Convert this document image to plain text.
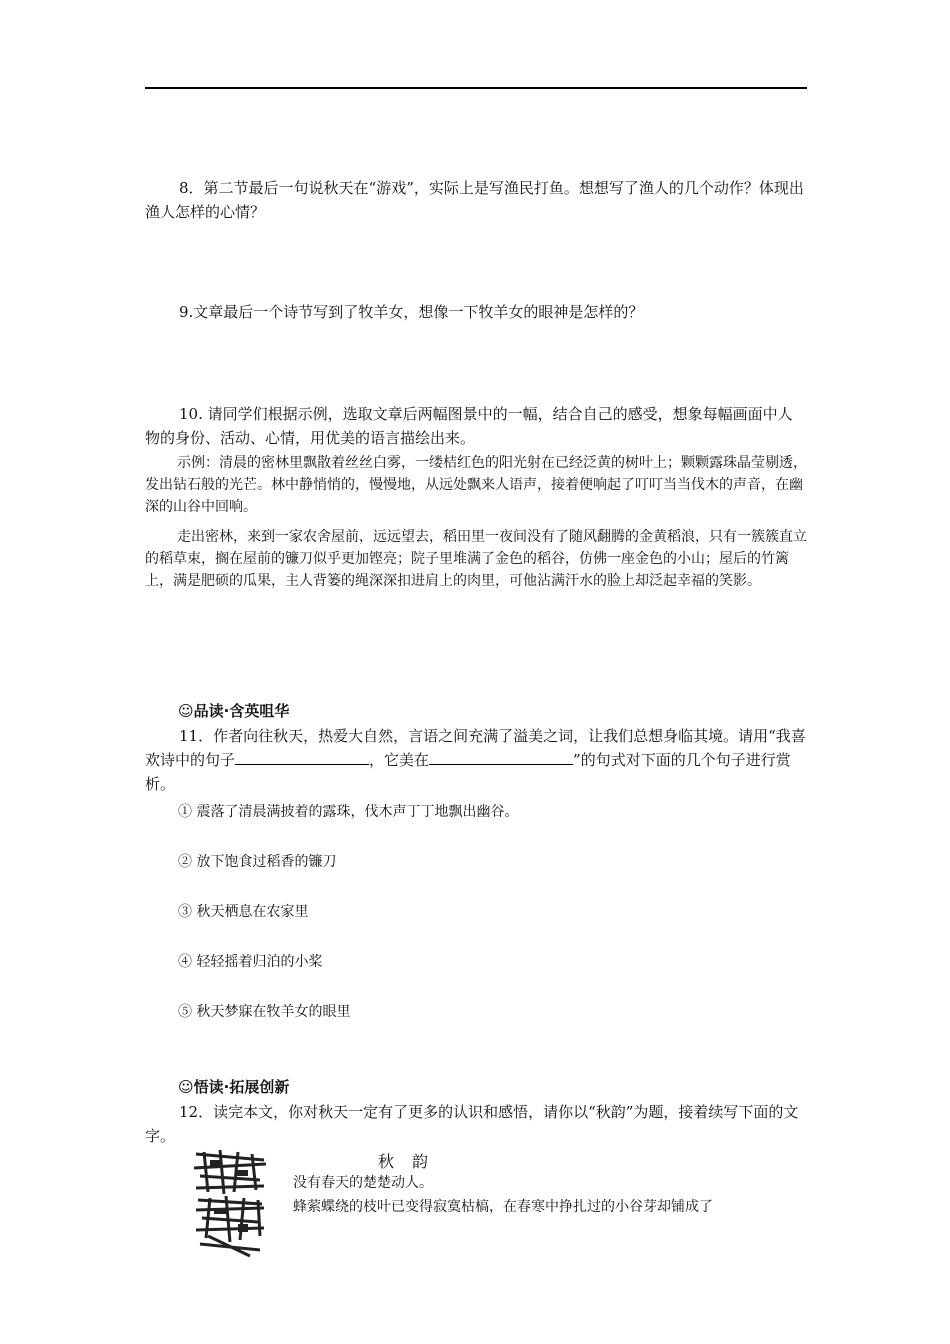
8．第二节最后一句说秋天在“游戏”，实际上是写渔民打鱼。想想写了渔人的几个动作？体现出渔人怎样的心情？

9.文章最后一个诗节写到了牧羊女，想像一下牧羊女的眼神是怎样的？

10. 请同学们根据示例，选取文章后两幅图景中的一幅，结合自己的感受，想象每幅画面中人物的身份、活动、心情，用优美的语言描绘出来。

示例：清晨的密林里飘散着丝丝白雾，一缕桔红色的阳光射在已经泛黄的树叶上；颗颗露珠晶莹剔透，发出钻石般的光芒。林中静悄悄的，慢慢地，从远处飘来人语声，接着便响起了叮叮当当伐木的声音，在幽深的山谷中回响。

走出密林，来到一家农舍屋前，远远望去，稻田里一夜间没有了随风翻腾的金黄稻浪，只有一簇簇直立的稻草束，搁在屋前的镰刀似乎更加铿亮；院子里堆满了金色的稻谷，仿佛一座金色的小山；屋后的竹篱上，满是肥硕的瓜果，主人背篓的绳深深扣进肩上的肉里，可他沾满汗水的脸上却泛起幸福的笑影。

☺品读·含英咀华

11．作者向往秋天，热爱大自然，言语之间充满了溢美之词，让我们总想身临其境。请用“我喜欢诗中的句子	，它美在	”的句式对下面的几个句子进行赏析。

① 震落了清晨满披着的露珠，伐木声丁丁地飘出幽谷。
② 放下饱食过稻香的镰刀
③ 秋天栖息在农家里
④ 轻轻摇着归泊的小桨
⑤ 秋天梦寐在牧羊女的眼里
☺悟读·拓展创新

12．读完本文，你对秋天一定有了更多的认识和感悟，请你以“秋韵”为题，接着续写下面的文字。

秋韵
没有春天的楚楚动人。
蜂萦蝶绕的枝叶已变得寂寞枯槁，在春寒中挣扎过的小谷芽却铺成了
